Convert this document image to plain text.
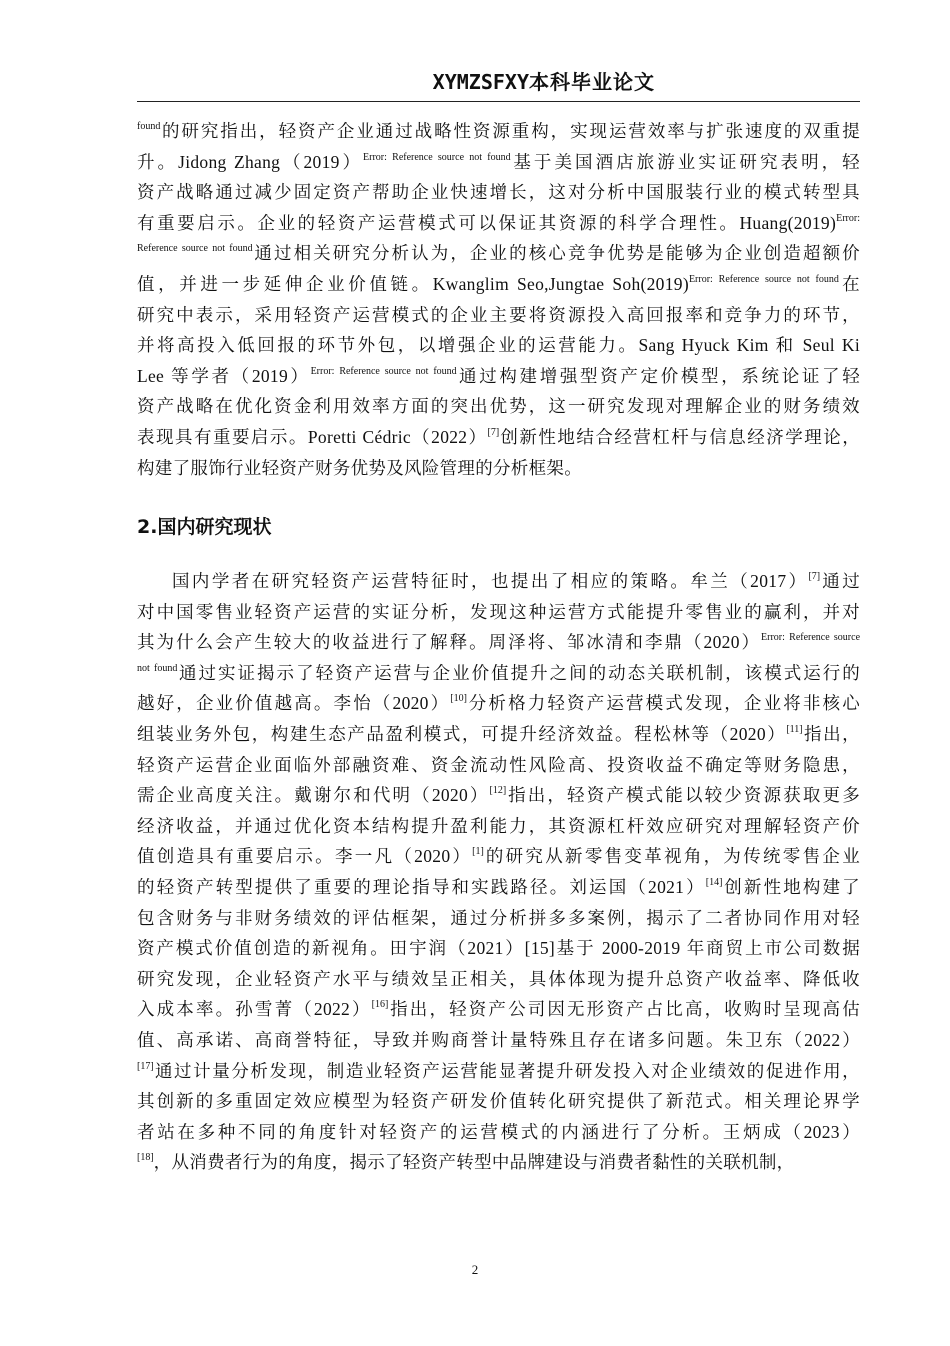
XYMZSFXY本科毕业论文

$^{found}$的研究指出，轻资产企业通过战略性资源重构，实现运营效率与扩张速度的双重提
升。Jidong Zhang（2019）$^{Error: Reference source not found}$基于美国酒店旅游业实证研究表明，轻
资产战略通过减少固定资产帮助企业快速增长，这对分析中国服装行业的模式转型具
有重要启示。企业的轻资产运营模式可以保证其资源的科学合理性。Huang(2019)$^{Error:}$
$^{Reference source not found}$通过相关研究分析认为，企业的核心竞争优势是能够为企业创造超额价
值，并进一步延伸企业价值链。Kwanglim Seo,Jungtae Soh(2019)$^{Error: Reference source not found}$在
研究中表示，采用轻资产运营模式的企业主要将资源投入高回报率和竞争力的环节，
并将高投入低回报的环节外包，以增强企业的运营能力。Sang Hyuck Kim 和 Seul Ki
Lee 等学者（2019）$^{Error: Reference source not found}$通过构建增强型资产定价模型，系统论证了轻
资产战略在优化资金利用效率方面的突出优势，这一研究发现对理解企业的财务绩效
表现具有重要启示。Poretti Cédric（2022）[7]创新性地结合经营杠杆与信息经济学理论，
构建了服饰行业轻资产财务优势及风险管理的分析框架。

2.国内研究现状

国内学者在研究轻资产运营特征时，也提出了相应的策略。牟兰（2017）[7]通过
对中国零售业轻资产运营的实证分析，发现这种运营方式能提升零售业的赢利，并对
其为什么会产生较大的收益进行了解释。周泽将、邹冰清和李鼎（2020）$^{Error: Reference source}$
$^{not found}$通过实证揭示了轻资产运营与企业价值提升之间的动态关联机制，该模式运行的
越好，企业价值越高。李怡（2020）[10]分析格力轻资产运营模式发现，企业将非核心
组装业务外包，构建生态产品盈利模式，可提升经济效益。程松林等（2020）[11]指出，
轻资产运营企业面临外部融资难、资金流动性风险高、投资收益不确定等财务隐患，
需企业高度关注。戴谢尔和代明（2020）[12]指出，轻资产模式能以较少资源获取更多
经济收益，并通过优化资本结构提升盈利能力，其资源杠杆效应研究对理解轻资产价
值创造具有重要启示。李一凡（2020）[1]的研究从新零售变革视角，为传统零售企业
的轻资产转型提供了重要的理论指导和实践路径。刘运国（2021）[14]创新性地构建了
包含财务与非财务绩效的评估框架，通过分析拼多多案例，揭示了二者协同作用对轻
资产模式价值创造的新视角。田宇润（2021）[15]基于 2000-2019 年商贸上市公司数据
研究发现，企业轻资产水平与绩效呈正相关，具体体现为提升总资产收益率、降低收
入成本率。孙雪菁（2022）[16]指出，轻资产公司因无形资产占比高，收购时呈现高估
值、高承诺、高商誉特征，导致并购商誉计量特殊且存在诸多问题。朱卫东（2022）
[17]通过计量分析发现，制造业轻资产运营能显著提升研发投入对企业绩效的促进作用，
其创新的多重固定效应模型为轻资产研发价值转化研究提供了新范式。相关理论界学
者站在多种不同的角度针对轻资产的运营模式的内涵进行了分析。王炳成（2023）
[18]，从消费者行为的角度，揭示了轻资产转型中品牌建设与消费者黏性的关联机制，

2
